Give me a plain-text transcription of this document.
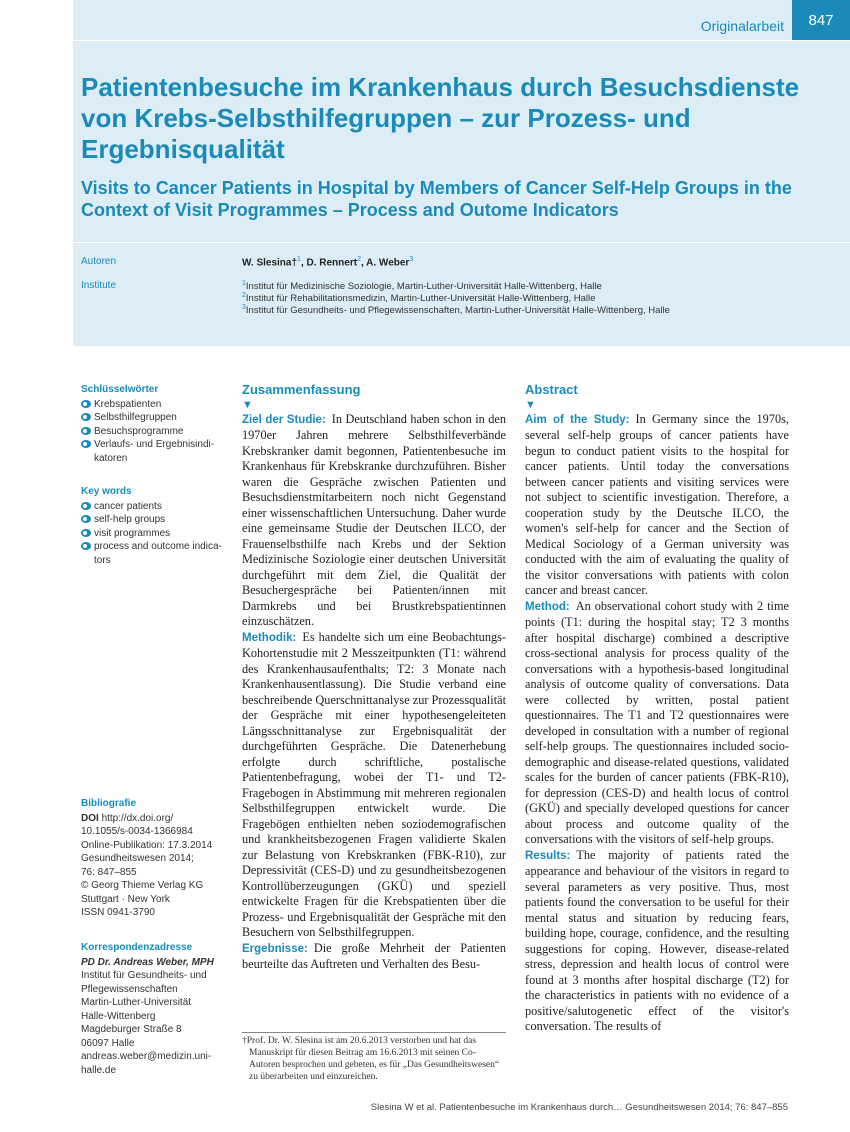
Originalarbeit	847
Patientenbesuche im Krankenhaus durch Besuchsdienste von Krebs-Selbsthilfegruppen – zur Prozess- und Ergebnisqualität
Visits to Cancer Patients in Hospital by Members of Cancer Self-Help Groups in the Context of Visit Programmes – Process and Outome Indicators
Autoren
Institute
W. Slesina†$^1$, D. Rennert$^2$, A. Weber$^3$
$^1$Institut für Medizinische Soziologie, Martin-Luther-Universität Halle-Wittenberg, Halle
$^2$Institut für Rehabilitationsmedizin, Martin-Luther-Universität Halle-Wittenberg, Halle
$^3$Institut für Gesundheits- und Pflegewissenschaften, Martin-Luther-Universität Halle-Wittenberg, Halle
Schlüsselwörter
Krebspatienten
Selbsthilfegruppen
Besuchsprogramme
Verlaufs- und Ergebnisindikatoren
Key words
cancer patients
self-help groups
visit programmes
process and outcome indicators
Bibliografie
DOI http://dx.doi.org/
10.1055/s-0034-1366984
Online-Publikation: 17.3.2014
Gesundheitswesen 2014;
76: 847–855
© Georg Thieme Verlag KG
Stuttgart · New York
ISSN 0941-3790
Korrespondenzadresse
PD Dr. Andreas Weber, MPH
Institut für Gesundheits- und
Pflegewissenschaften
Martin-Luther-Universität
Halle-Wittenberg
Magdeburger Straße 8
06097 Halle
andreas.weber@medizin.uni-
halle.de
Zusammenfassung
▼

Ziel der Studie: In Deutschland haben schon in den 1970er Jahren mehrere Selbsthilfeverbände Krebskranker damit begonnen, Patientenbesuche im Krankenhaus für Krebskranke durchzuführen. Bisher waren die Gespräche zwischen Patienten und Besuchsdienstmitarbeitern noch nicht Gegenstand einer wissenschaftlichen Untersuchung. Daher wurde eine gemeinsame Studie der Deutschen ILCO, der Frauenselbsthilfe nach Krebs und der Sektion Medizinische Soziologie einer deutschen Universität durchgeführt mit dem Ziel, die Qualität der Besuchergespräche bei Patienten/innen mit Darmkrebs und bei Brustkrebspatientinnen einzuschätzen.

Methodik: Es handelte sich um eine Beobachtungs-Kohortenstudie mit 2 Messzeitpunkten (T1: während des Krankenhausaufenthalts; T2: 3 Monate nach Krankenhausentlassung). Die Studie verband eine beschreibende Querschnittanalyse zur Prozessqualität der Gespräche mit einer hypothesengeleiteten Längsschnittanalyse zur Ergebnisqualität der durchgeführten Gespräche. Die Datenerhebung erfolgte durch schriftliche, postalische Patientenbefragung, wobei der T1- und T2-Fragebogen in Abstimmung mit mehreren regionalen Selbsthilfegruppen entwickelt wurde. Die Fragebögen enthielten neben soziodemografischen und krankheitsbezogenen Fragen validierte Skalen zur Belastung von Krebskranken (FBK-R10), zur Depressivität (CES-D) und zu gesundheitsbezogenen Kontrollüberzeugungen (GKÜ) und speziell entwickelte Fragen für die Krebspatienten über die Prozess- und Ergebnisqualität der Gespräche mit den Besuchern von Selbsthilfegruppen.

Ergebnisse: Die große Mehrheit der Patienten beurteilte das Auftreten und Verhalten des Besu-

†Prof. Dr. W. Slesina ist am 20.6.2013 verstorben und hat das Manuskript für diesen Beitrag am 16.6.2013 mit seinen Co-Autoren besprochen und gebeten, es für „Das Gesundheitswesen“ zu überarbeiten und einzureichen.
Abstract
▼

Aim of the Study: In Germany since the 1970s, several self-help groups of cancer patients have begun to conduct patient visits to the hospital for cancer patients. Until today the conversations between cancer patients and visiting services were not subject to scientific investigation. Therefore, a cooperation study by the Deutsche ILCO, the women's self-help for cancer and the Section of Medical Sociology of a German university was conducted with the aim of evaluating the quality of the visitor conversations with patients with colon cancer and breast cancer.

Method: An observational cohort study with 2 time points (T1: during the hospital stay; T2 3 months after hospital discharge) combined a descriptive cross-sectional analysis for process quality of the conversations with a hypothesis-based longitudinal analysis of outcome quality of conversations. Data were collected by written, postal patient questionnaires. The T1 and T2 questionnaires were developed in consultation with a number of regional self-help groups. The questionnaires included socio-demographic and disease-related questions, validated scales for the burden of cancer patients (FBK-R10), for depression (CES-D) and health locus of control (GKÜ) and specially developed questions for cancer about process and outcome quality of the conversations with the visitors of self-help groups.

Results: The majority of patients rated the appearance and behaviour of the visitors in regard to several parameters as very positive. Thus, most patients found the conversation to be useful for their mental status and situation by reducing fears, building hope, courage, confidence, and the resulting suggestions for coping. However, disease-related stress, depression and health locus of control were found at 3 months after hospital discharge (T2) for the characteristics in patients with no evidence of a positive/salutogenetic effect of the visitor's conversation. The results of

Slesina W et al. Patientenbesuche im Krankenhaus durch… Gesundheitswesen 2014; 76: 847–855
